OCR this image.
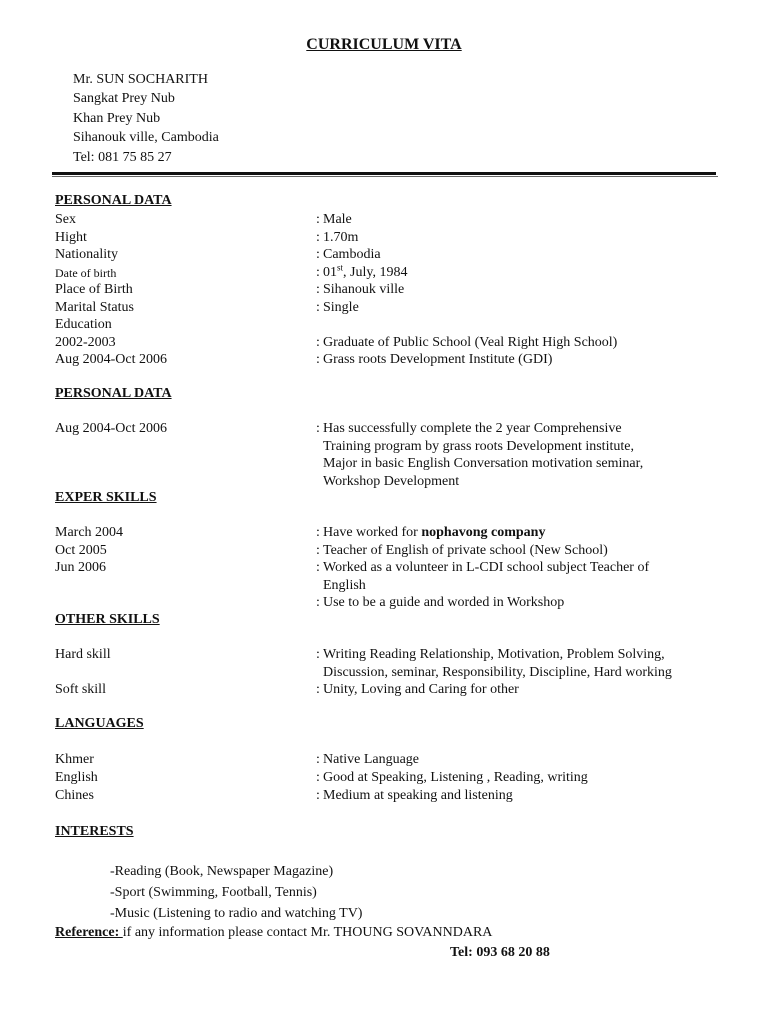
CURRICULUM VITA
Mr. SUN SOCHARITH
Sangkat Prey Nub
Khan Prey Nub
Sihanouk ville, Cambodia
Tel: 081 75 85 27
PERSONAL DATA
Sex	: Male
Hight	: 1.70m
Nationality	: Cambodia
Date of birth	: 01st, July, 1984
Place of Birth	: Sihanouk ville
Marital Status	: Single
Education
2002-2003	: Graduate of Public School (Veal Right High School)
Aug 2004-Oct 2006	: Grass roots Development Institute (GDI)
PERSONAL DATA
Aug 2004-Oct 2006	: Has successfully complete the 2 year Comprehensive
Training program by grass roots Development institute,
Major in basic English Conversation motivation seminar,
Workshop Development
EXPER SKILLS
March 2004	: Have worked for nophavong company
Oct 2005	: Teacher of English of private school (New School)
Jun 2006	: Worked as a volunteer in L-CDI school subject Teacher of
English
: Use to be a guide and worded in Workshop
OTHER SKILLS
Hard skill	: Writing Reading Relationship, Motivation, Problem Solving,
Discussion, seminar, Responsibility, Discipline, Hard working
Soft skill	: Unity, Loving and Caring for other
LANGUAGES
Khmer	: Native Language
English	: Good at Speaking, Listening , Reading, writing
Chines	: Medium at speaking and listening
INTERESTS
-Reading (Book, Newspaper Magazine)
-Sport (Swimming, Football, Tennis)
-Music (Listening to radio and watching TV)
Reference: if any information please contact Mr. THOUNG SOVANNDARA
Tel: 093 68 20 88
